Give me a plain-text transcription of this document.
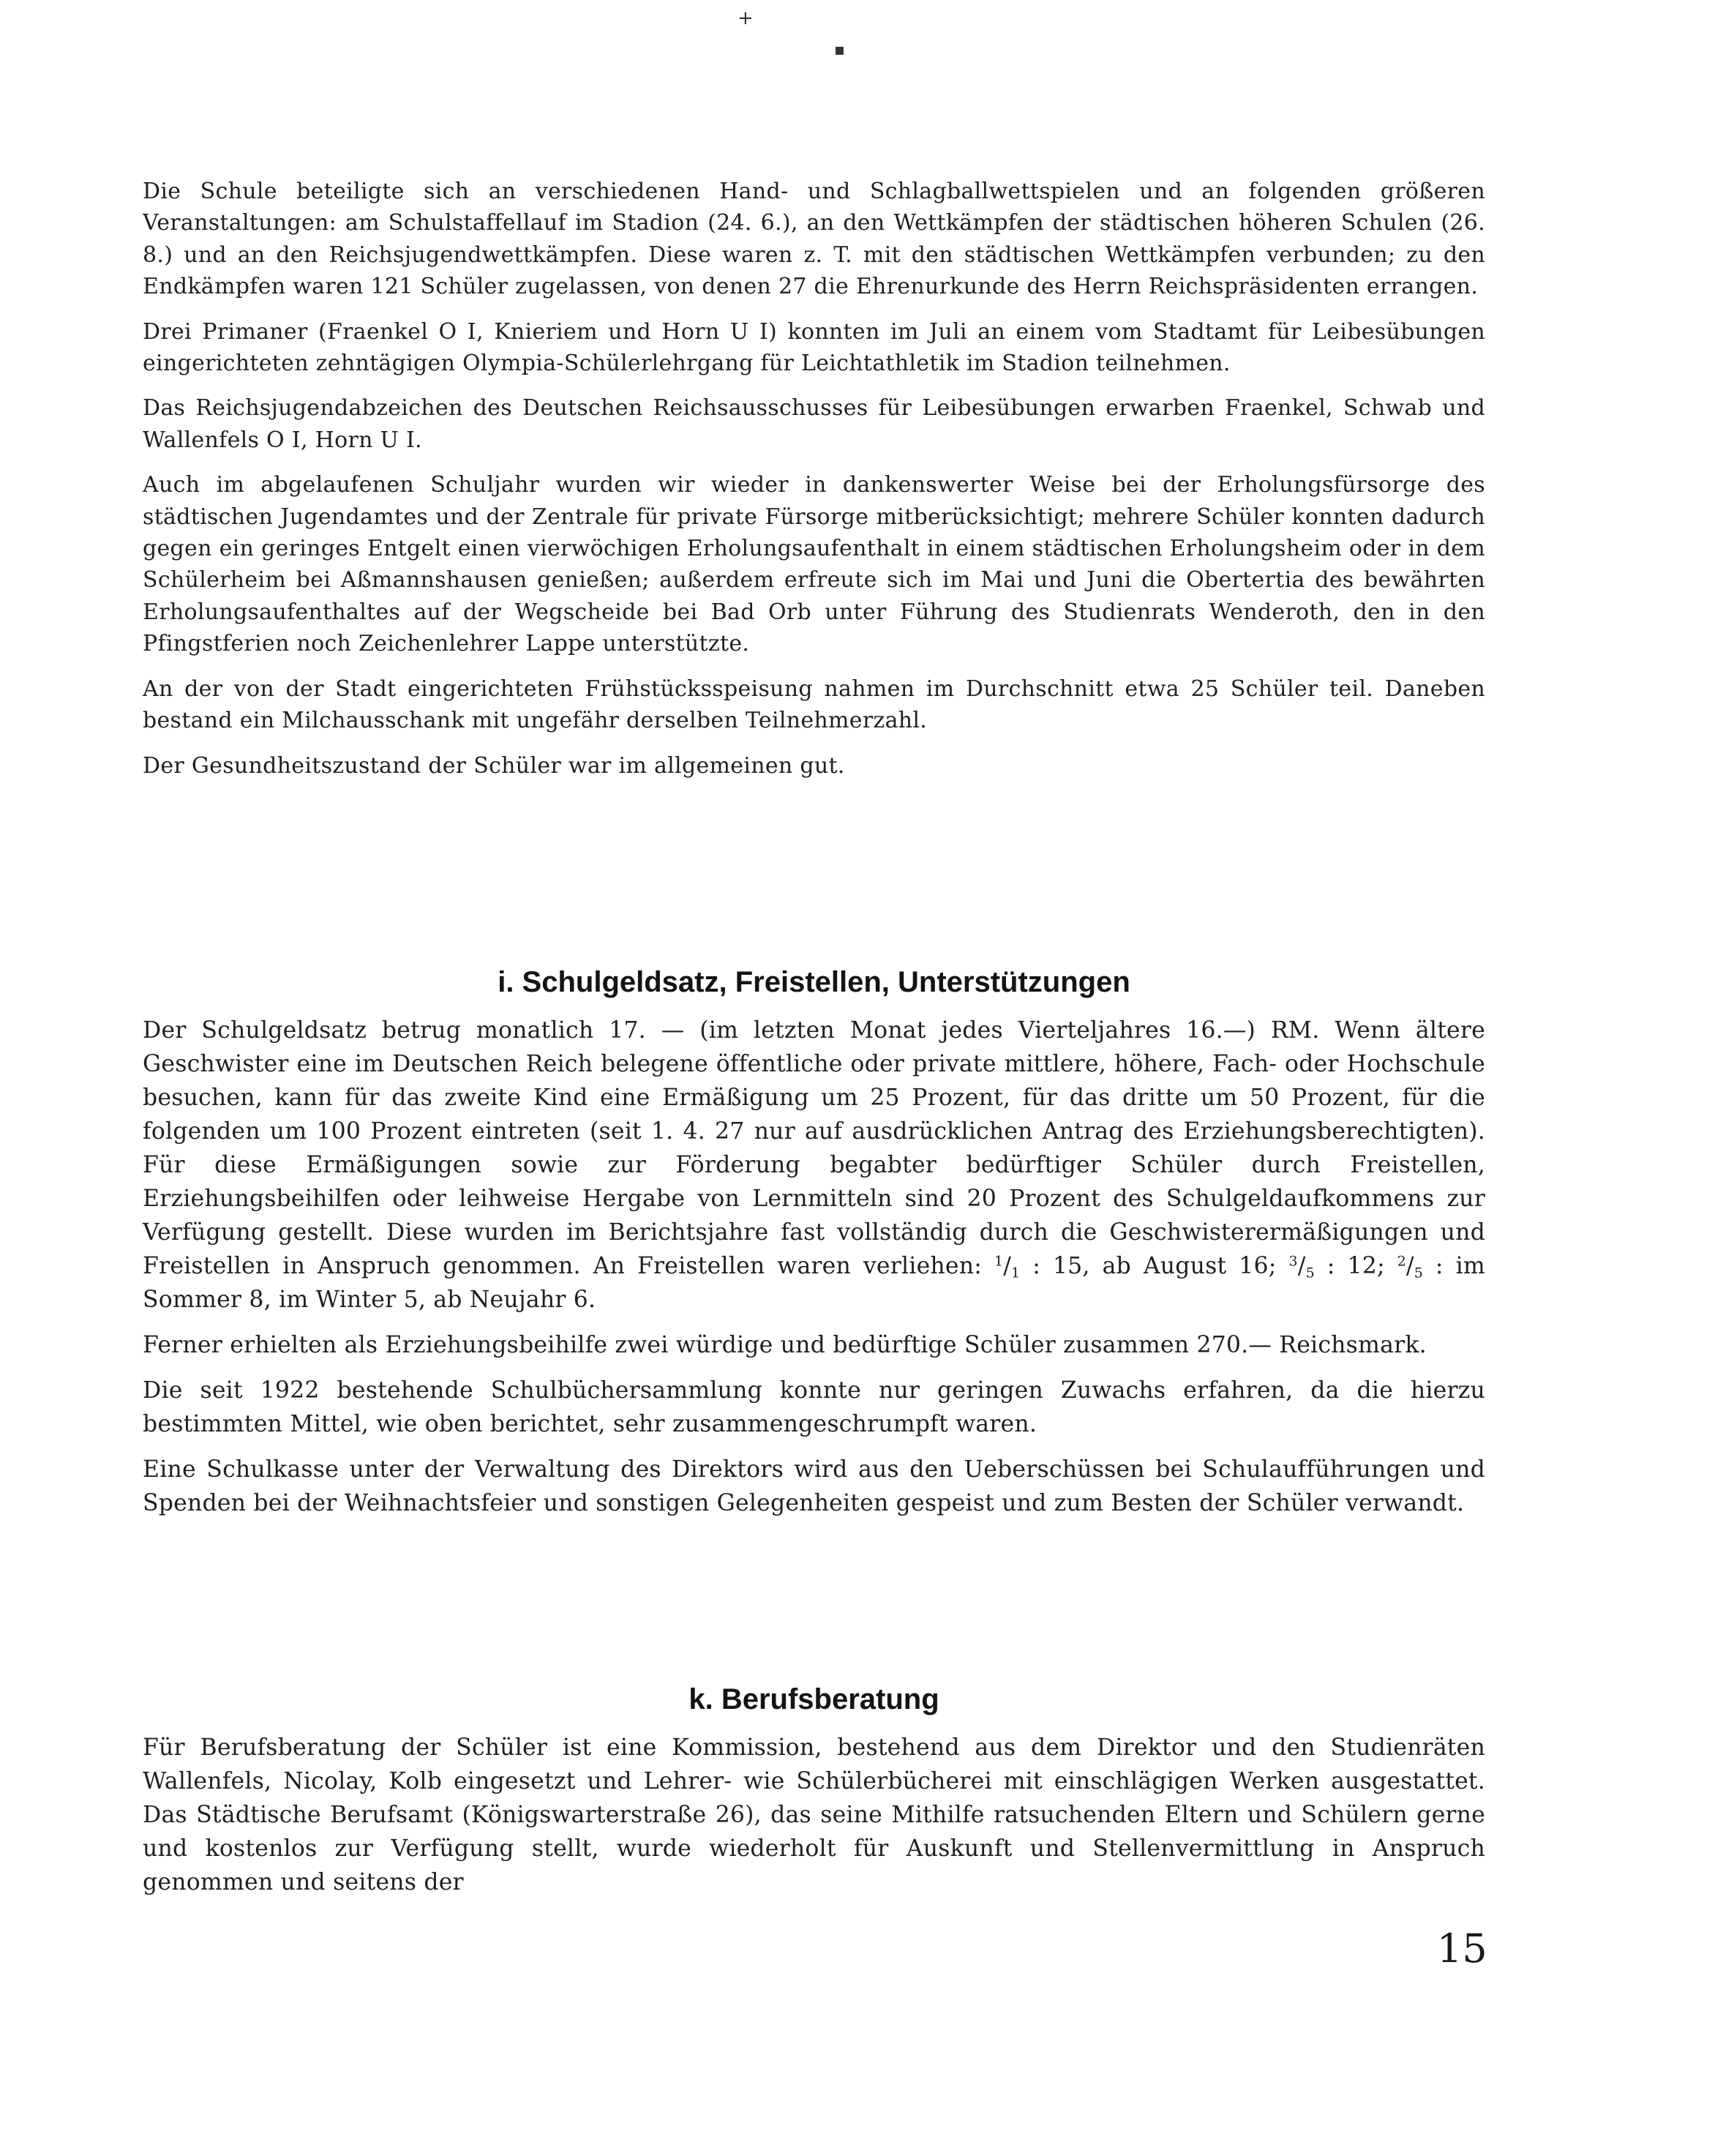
+
▪

Die Schule beteiligte sich an verschiedenen Hand- und Schlagballwettspielen und an folgenden größeren Veranstaltungen: am Schulstaffellauf im Stadion (24. 6.), an den Wettkämpfen der städtischen höheren Schulen (26. 8.) und an den Reichsjugendwettkämpfen. Diese waren z. T. mit den städtischen Wettkämpfen verbunden; zu den Endkämpfen waren 121 Schüler zugelassen, von denen 27 die Ehrenurkunde des Herrn Reichspräsidenten errangen.

Drei Primaner (Fraenkel O I, Knieriem und Horn U I) konnten im Juli an einem vom Stadtamt für Leibesübungen eingerichteten zehntägigen Olympia-Schülerlehrgang für Leichtathletik im Stadion teilnehmen.

Das Reichsjugendabzeichen des Deutschen Reichsausschusses für Leibesübungen erwarben Fraenkel, Schwab und Wallenfels O I, Horn U I.

Auch im abgelaufenen Schuljahr wurden wir wieder in dankenswerter Weise bei der Erholungsfürsorge des städtischen Jugendamtes und der Zentrale für private Fürsorge mitberücksichtigt; mehrere Schüler konnten dadurch gegen ein geringes Entgelt einen vierwöchigen Erholungsaufenthalt in einem städtischen Erholungsheim oder in dem Schülerheim bei Aßmannshausen genießen; außerdem erfreute sich im Mai und Juni die Obertertia des bewährten Erholungsaufenthaltes auf der Wegscheide bei Bad Orb unter Führung des Studienrats Wenderoth, den in den Pfingstferien noch Zeichenlehrer Lappe unterstützte.

An der von der Stadt eingerichteten Frühstücksspeisung nahmen im Durchschnitt etwa 25 Schüler teil. Daneben bestand ein Milchausschank mit ungefähr derselben Teilnehmerzahl.

Der Gesundheitszustand der Schüler war im allgemeinen gut.

i. Schulgeldsatz, Freistellen, Unterstützungen

Der Schulgeldsatz betrug monatlich 17. — (im letzten Monat jedes Vierteljahres 16.—) RM. Wenn ältere Geschwister eine im Deutschen Reich belegene öffentliche oder private mittlere, höhere, Fach- oder Hochschule besuchen, kann für das zweite Kind eine Ermäßigung um 25 Prozent, für das dritte um 50 Prozent, für die folgenden um 100 Prozent eintreten (seit 1. 4. 27 nur auf ausdrücklichen Antrag des Erziehungsberechtigten). Für diese Ermäßigungen sowie zur Förderung begabter bedürftiger Schüler durch Freistellen, Erziehungsbeihilfen oder leihweise Hergabe von Lernmitteln sind 20 Prozent des Schulgeldaufkommens zur Verfügung gestellt. Diese wurden im Berichtsjahre fast vollständig durch die Geschwisterermäßigungen und Freistellen in Anspruch genommen. An Freistellen waren verliehen: $^1/_1$ : 15, ab August 16; $^3/_5$ : 12; $^2/_5$ : im Sommer 8, im Winter 5, ab Neujahr 6.

Ferner erhielten als Erziehungsbeihilfe zwei würdige und bedürftige Schüler zusammen 270.— Reichsmark.

Die seit 1922 bestehende Schulbüchersammlung konnte nur geringen Zuwachs erfahren, da die hierzu bestimmten Mittel, wie oben berichtet, sehr zusammengeschrumpft waren.

Eine Schulkasse unter der Verwaltung des Direktors wird aus den Ueberschüssen bei Schulaufführungen und Spenden bei der Weihnachtsfeier und sonstigen Gelegenheiten gespeist und zum Besten der Schüler verwandt.

k. Berufsberatung

Für Berufsberatung der Schüler ist eine Kommission, bestehend aus dem Direktor und den Studienräten Wallenfels, Nicolay, Kolb eingesetzt und Lehrer- wie Schülerbücherei mit einschlägigen Werken ausgestattet. Das Städtische Berufsamt (Königswarterstraße 26), das seine Mithilfe ratsuchenden Eltern und Schülern gerne und kostenlos zur Verfügung stellt, wurde wiederholt für Auskunft und Stellenvermittlung in Anspruch genommen und seitens der

15
